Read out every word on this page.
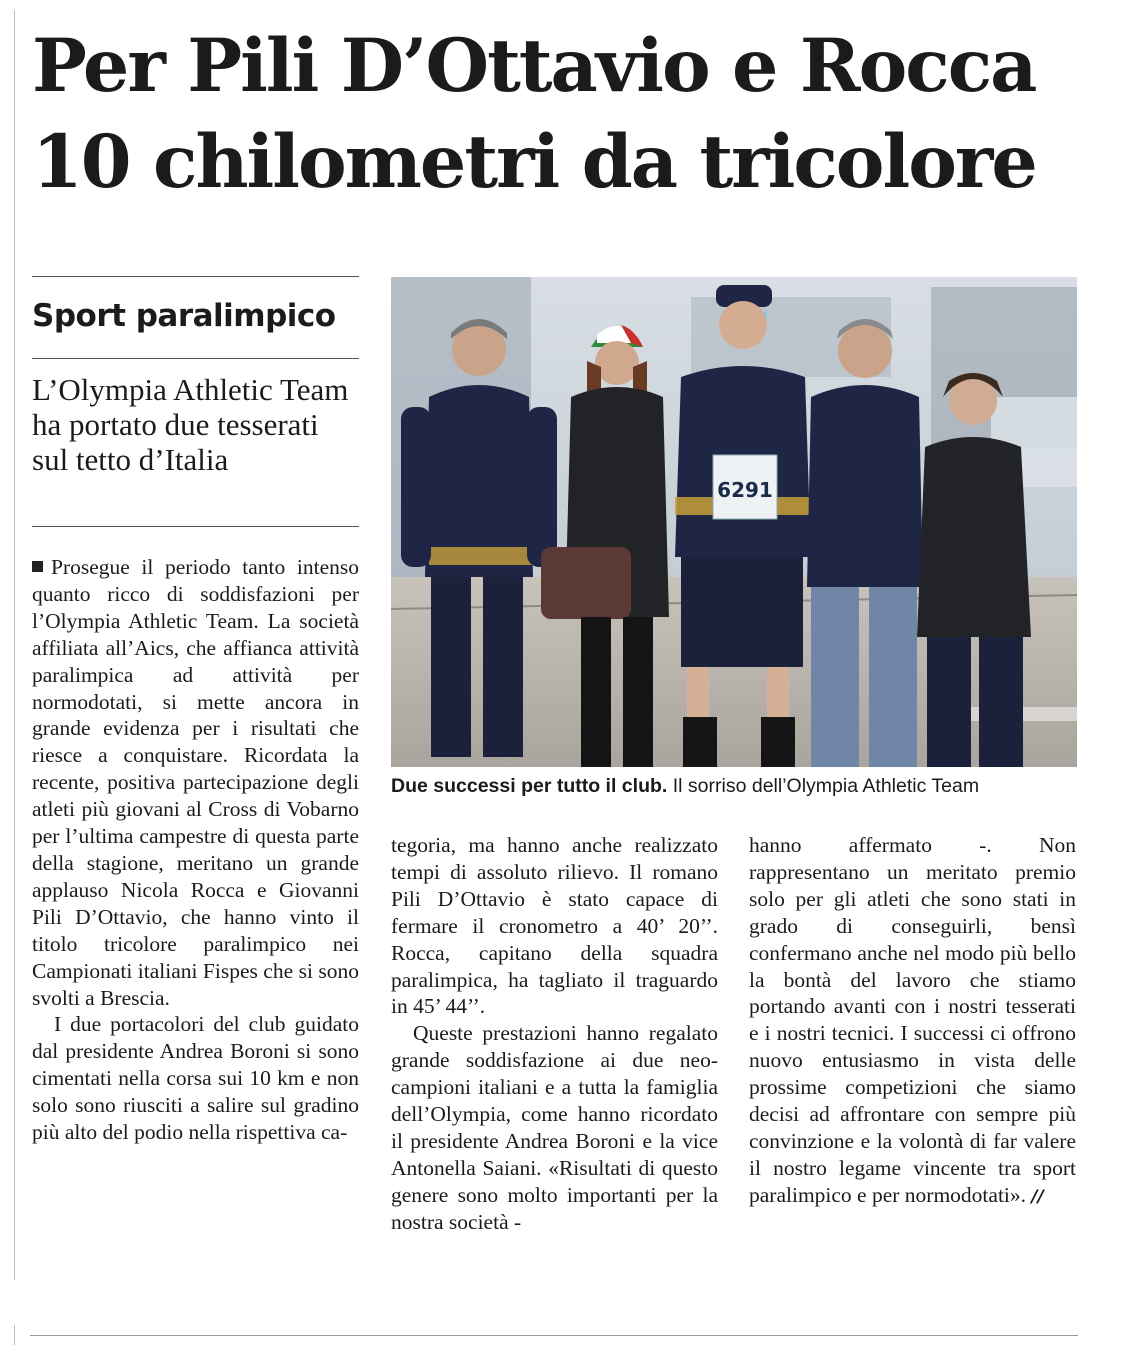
Per Pili D’Ottavio e Rocca
10 chilometri da tricolore
Sport paralimpico
L’Olympia Athletic Team ha portato due tesserati sul tetto d’Italia

Prosegue il periodo tanto intenso quanto ricco di soddisfazioni per l’Olympia Athletic Team. La società affiliata all’Aics, che affianca attività paralimpica ad attività per normodotati, si mette ancora in grande evidenza per i risultati che riesce a conquistare. Ricordata la recente, positiva partecipazione degli atleti più giovani al Cross di Vobarno per l’ultima campestre di questa parte della stagione, meritano un grande applauso Nicola Rocca e Giovanni Pili D’Ottavio, che hanno vinto il titolo tricolore paralimpico nei Campionati italiani Fispes che si sono svolti a Brescia.

I due portacolori del club guidato dal presidente Andrea Boroni si sono cimentati nella corsa sui 10 km e non solo sono riusciti a salire sul gradino più alto del podio nella rispettiva ca-

6291
Due successi per tutto il club. Il sorriso dell’Olympia Athletic Team

tegoria, ma hanno anche realizzato tempi di assoluto rilievo. Il romano Pili D’Ottavio è stato capace di fermare il cronometro a 40’ 20’’. Rocca, capitano della squadra paralimpica, ha tagliato il traguardo in 45’ 44’’.

Queste prestazioni hanno regalato grande soddisfazione ai due neo-campioni italiani e a tutta la famiglia dell’Olympia, come hanno ricordato il presidente Andrea Boroni e la vice Antonella Saiani. «Risultati di questo genere sono molto importanti per la nostra società -

hanno affermato -. Non rappresentano un meritato premio solo per gli atleti che sono stati in grado di conseguirli, bensì confermano anche nel modo più bello la bontà del lavoro che stiamo portando avanti con i nostri tesserati e i nostri tecnici. I successi ci offrono nuovo entusiasmo in vista delle prossime competizioni che siamo decisi ad affrontare con sempre più convinzione e la volontà di far valere il nostro legame vincente tra sport paralimpico e per normodotati». //
